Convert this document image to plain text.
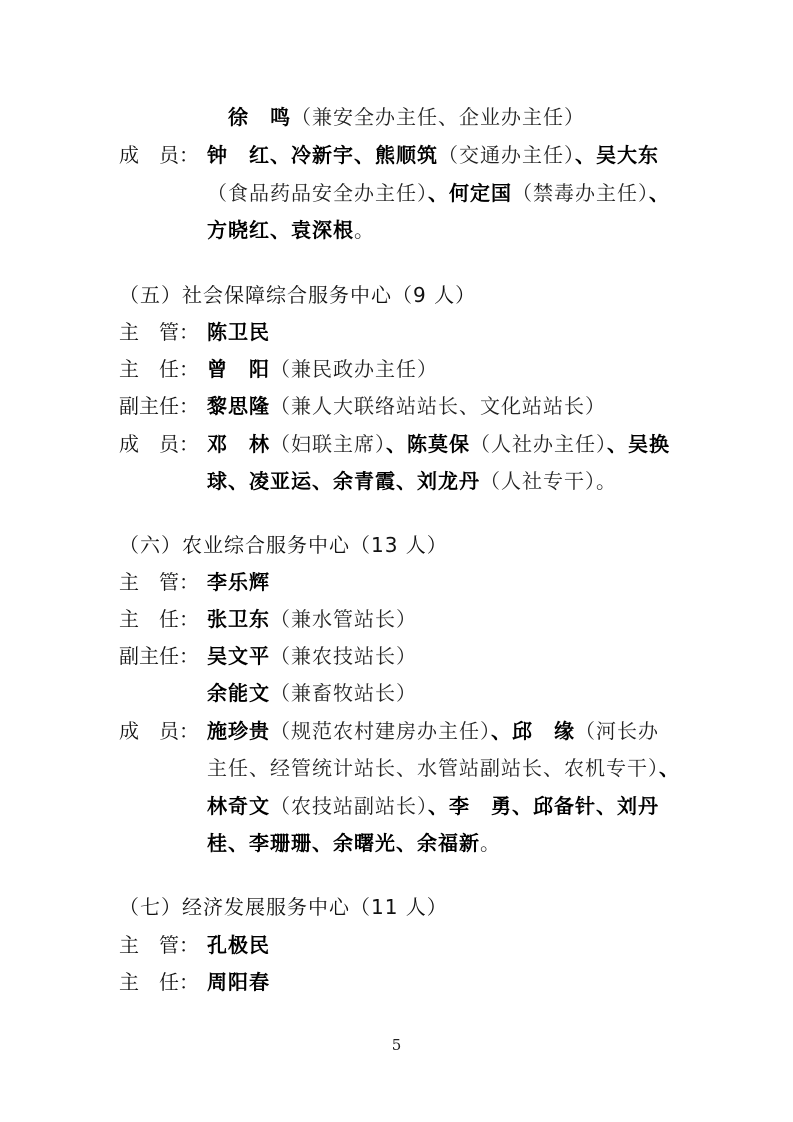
徐　鸣（兼安全办主任、企业办主任）
成　员： 钟　红、冷新宇、熊顺筑（交通办主任）、吴大东
（食品药品安全办主任）、何定国（禁毒办主任）、
方晓红、袁深根。
（五）社会保障综合服务中心（9 人）
主　管： 陈卫民
主　任： 曾　阳（兼民政办主任）
副主任： 黎思隆（兼人大联络站站长、文化站站长）
成　员： 邓　林（妇联主席）、陈莫保（人社办主任）、吴换
球、凌亚运、余青霞、刘龙丹（人社专干）。
（六）农业综合服务中心（13 人）
主　管： 李乐辉
主　任： 张卫东（兼水管站长）
副主任： 吴文平（兼农技站长）
余能文（兼畜牧站长）
成　员： 施珍贵（规范农村建房办主任）、邱　缘（河长办
主任、经管统计站长、水管站副站长、农机专干）、
林奇文（农技站副站长）、李　勇、邱备针、刘丹
桂、李珊珊、余曙光、余福新。
（七）经济发展服务中心（11 人）
主　管： 孔极民
主　任： 周阳春
5
